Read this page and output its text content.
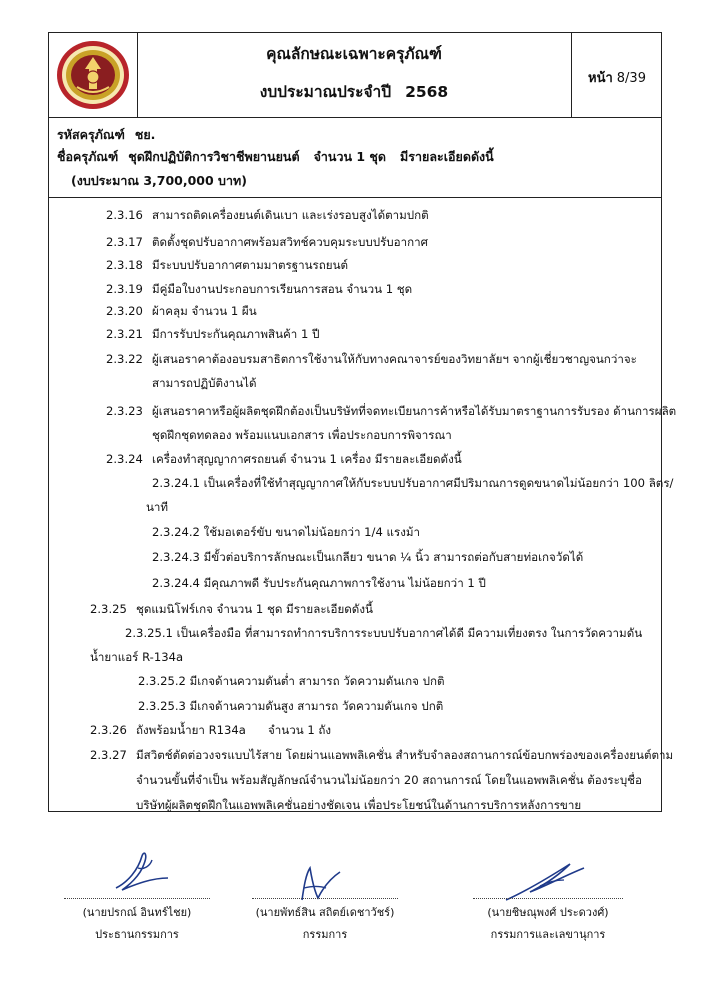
คุณลักษณะเฉพาะครุภัณฑ์
งบประมาณประจำปี 2568
หน้า 8/39
รหัสครุภัณฑ์ ชย.
ชื่อครุภัณฑ์ ชุดฝึกปฏิบัติการวิชาชีพยานยนต์ จำนวน 1 ชุด มีรายละเอียดดังนี้
(งบประมาณ 3,700,000 บาท)
2.3.16 สามารถติดเครื่องยนต์เดินเบา และเร่งรอบสูงได้ตามปกติ
2.3.17 ติดตั้งชุดปรับอากาศพร้อมสวิทช์ควบคุมระบบปรับอากาศ
2.3.18 มีระบบปรับอากาศตามมาตรฐานรถยนต์
2.3.19 มีคู่มือใบงานประกอบการเรียนการสอน จำนวน 1 ชุด
2.3.20 ผ้าคลุม จำนวน 1 ผืน
2.3.21 มีการรับประกันคุณภาพสินค้า 1 ปี
2.3.22 ผู้เสนอราคาต้องอบรมสาธิตการใช้งานให้กับทางคณาจารย์ของวิทยาลัยฯ จากผู้เชี่ยวชาญจนกว่าจะ
สามารถปฏิบัติงานได้
2.3.23 ผู้เสนอราคาหรือผู้ผลิตชุดฝึกต้องเป็นบริษัทที่จดทะเบียนการค้าหรือได้รับมาตราฐานการรับรอง ด้านการผลิต
ชุดฝึกชุดทดลอง พร้อมแนบเอกสาร เพื่อประกอบการพิจารณา
2.3.24 เครื่องทำสุญญากาศรถยนต์ จำนวน 1 เครื่อง มีรายละเอียดดังนี้
2.3.24.1 เป็นเครื่องที่ใช้ทำสุญญากาศให้กับระบบปรับอากาศมีปริมาณการดูดขนาดไม่น้อยกว่า 100 ลิตร/
นาที
2.3.24.2 ใช้มอเตอร์ขับ ขนาดไม่น้อยกว่า 1/4 แรงม้า
2.3.24.3 มีขั้วต่อบริการลักษณะเป็นเกลียว ขนาด ¼ นิ้ว สามารถต่อกับสายท่อเกจวัดได้
2.3.24.4 มีคุณภาพดี รับประกันคุณภาพการใช้งาน ไม่น้อยกว่า 1 ปี
2.3.25 ชุดแมนิโฟร์เกจ จำนวน 1 ชุด มีรายละเอียดดังนี้
2.3.25.1 เป็นเครื่องมือ ที่สามารถทำการบริการระบบปรับอากาศได้ดี มีความเที่ยงตรง ในการวัดความดัน
น้ำยาแอร์ R-134a
2.3.25.2 มีเกจด้านความดันต่ำ สามารถ วัดความดันเกจ ปกติ
2.3.25.3 มีเกจด้านความดันสูง สามารถ วัดความดันเกจ ปกติ
2.3.26 ถังพร้อมน้ำยา R134a      จำนวน 1 ถัง
2.3.27 มีสวิตช์ตัดต่อวงจรแบบไร้สาย โดยผ่านแอพพลิเคชั่น สำหรับจำลองสถานการณ์ข้อบกพร่องของเครื่องยนต์ตาม
จำนวนขั้นที่จำเป็น พร้อมสัญลักษณ์จำนวนไม่น้อยกว่า 20 สถานการณ์ โดยในแอพพลิเคชั่น ต้องระบุชื่อ
บริษัทผู้ผลิตชุดฝึกในแอพพลิเคชั่นอย่างชัดเจน เพื่อประโยชน์ในด้านการบริการหลังการขาย
(นายปรกณ์ อินทร์ไชย)
ประธานกรรมการ
(นายพัทธ์สิน สถิตย์เดชาวัชร์)
กรรมการ
(นายชิษณุพงศ์ ประดวงศ์)
กรรมการและเลขานุการ
